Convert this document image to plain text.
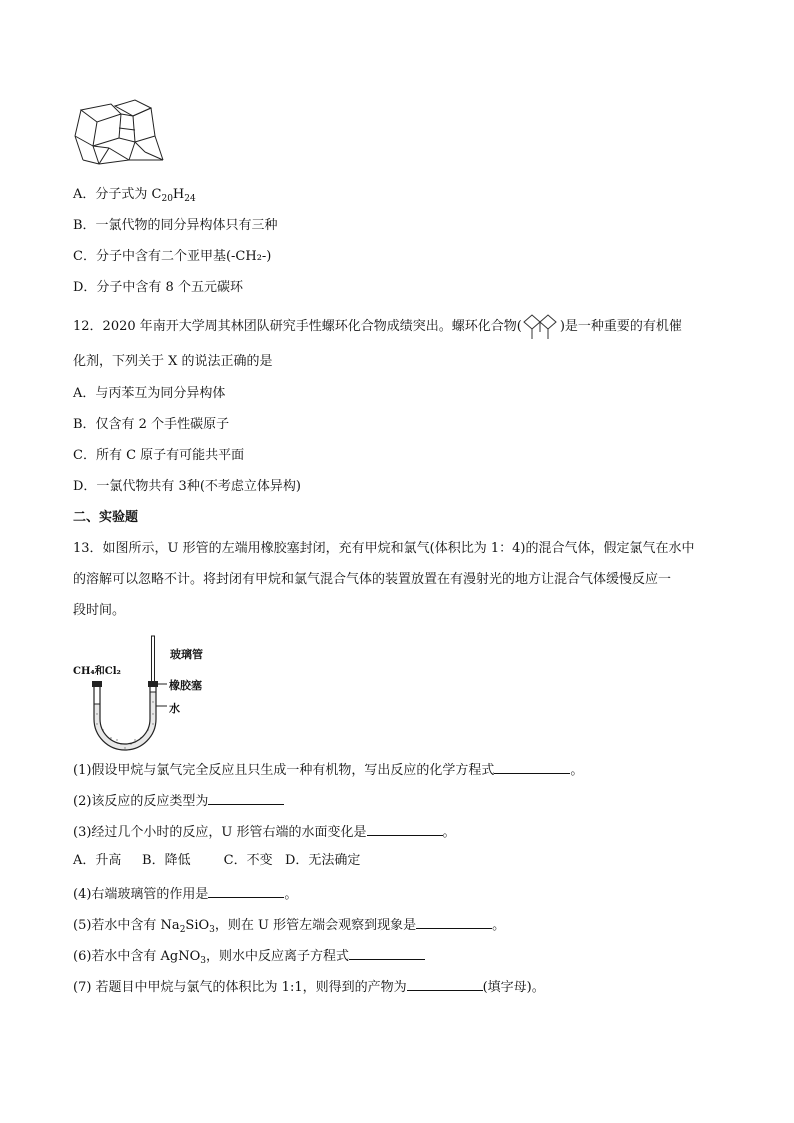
A．分子式为 $C_{20}H_{24}$
B．一氯代物的同分异构体只有三种
C．分子中含有二个亚甲基(-CH₂-)
D．分子中含有 8 个五元碳环
12．2020 年南开大学周其林团队研究手性螺环化合物成绩突出。螺环化合物(	)是一种重要的有机催
化剂，下列关于 X 的说法正确的是
A．与丙苯互为同分异构体
B．仅含有 2 个手性碳原子
C．所有 C 原子有可能共平面
D．一氯代物共有 3种(不考虑立体异构)
二、实验题
13．如图所示，U 形管的左端用橡胶塞封闭，充有甲烷和氯气(体积比为 1：4)的混合气体，假定氯气在水中
的溶解可以忽略不计。将封闭有甲烷和氯气混合气体的装置放置在有漫射光的地方让混合气体缓慢反应一
段时间。
CH₄和Cl₂
玻璃管
橡胶塞
水
(1)假设甲烷与氯气完全反应且只生成一种有机物，写出反应的化学方程式	。
(2)该反应的反应类型为
(3)经过几个小时的反应，U 形管右端的水面变化是	。
A．升高     B．降低        C．不变   D．无法确定
(4)右端玻璃管的作用是	。
(5)若水中含有 $Na_2SiO_3$，则在 U 形管左端会观察到现象是	。
(6)若水中含有 AgNO$_3$，则水中反应离子方程式
(7) 若题目中甲烷与氯气的体积比为 1:1，则得到的产物为	(填字母)。
